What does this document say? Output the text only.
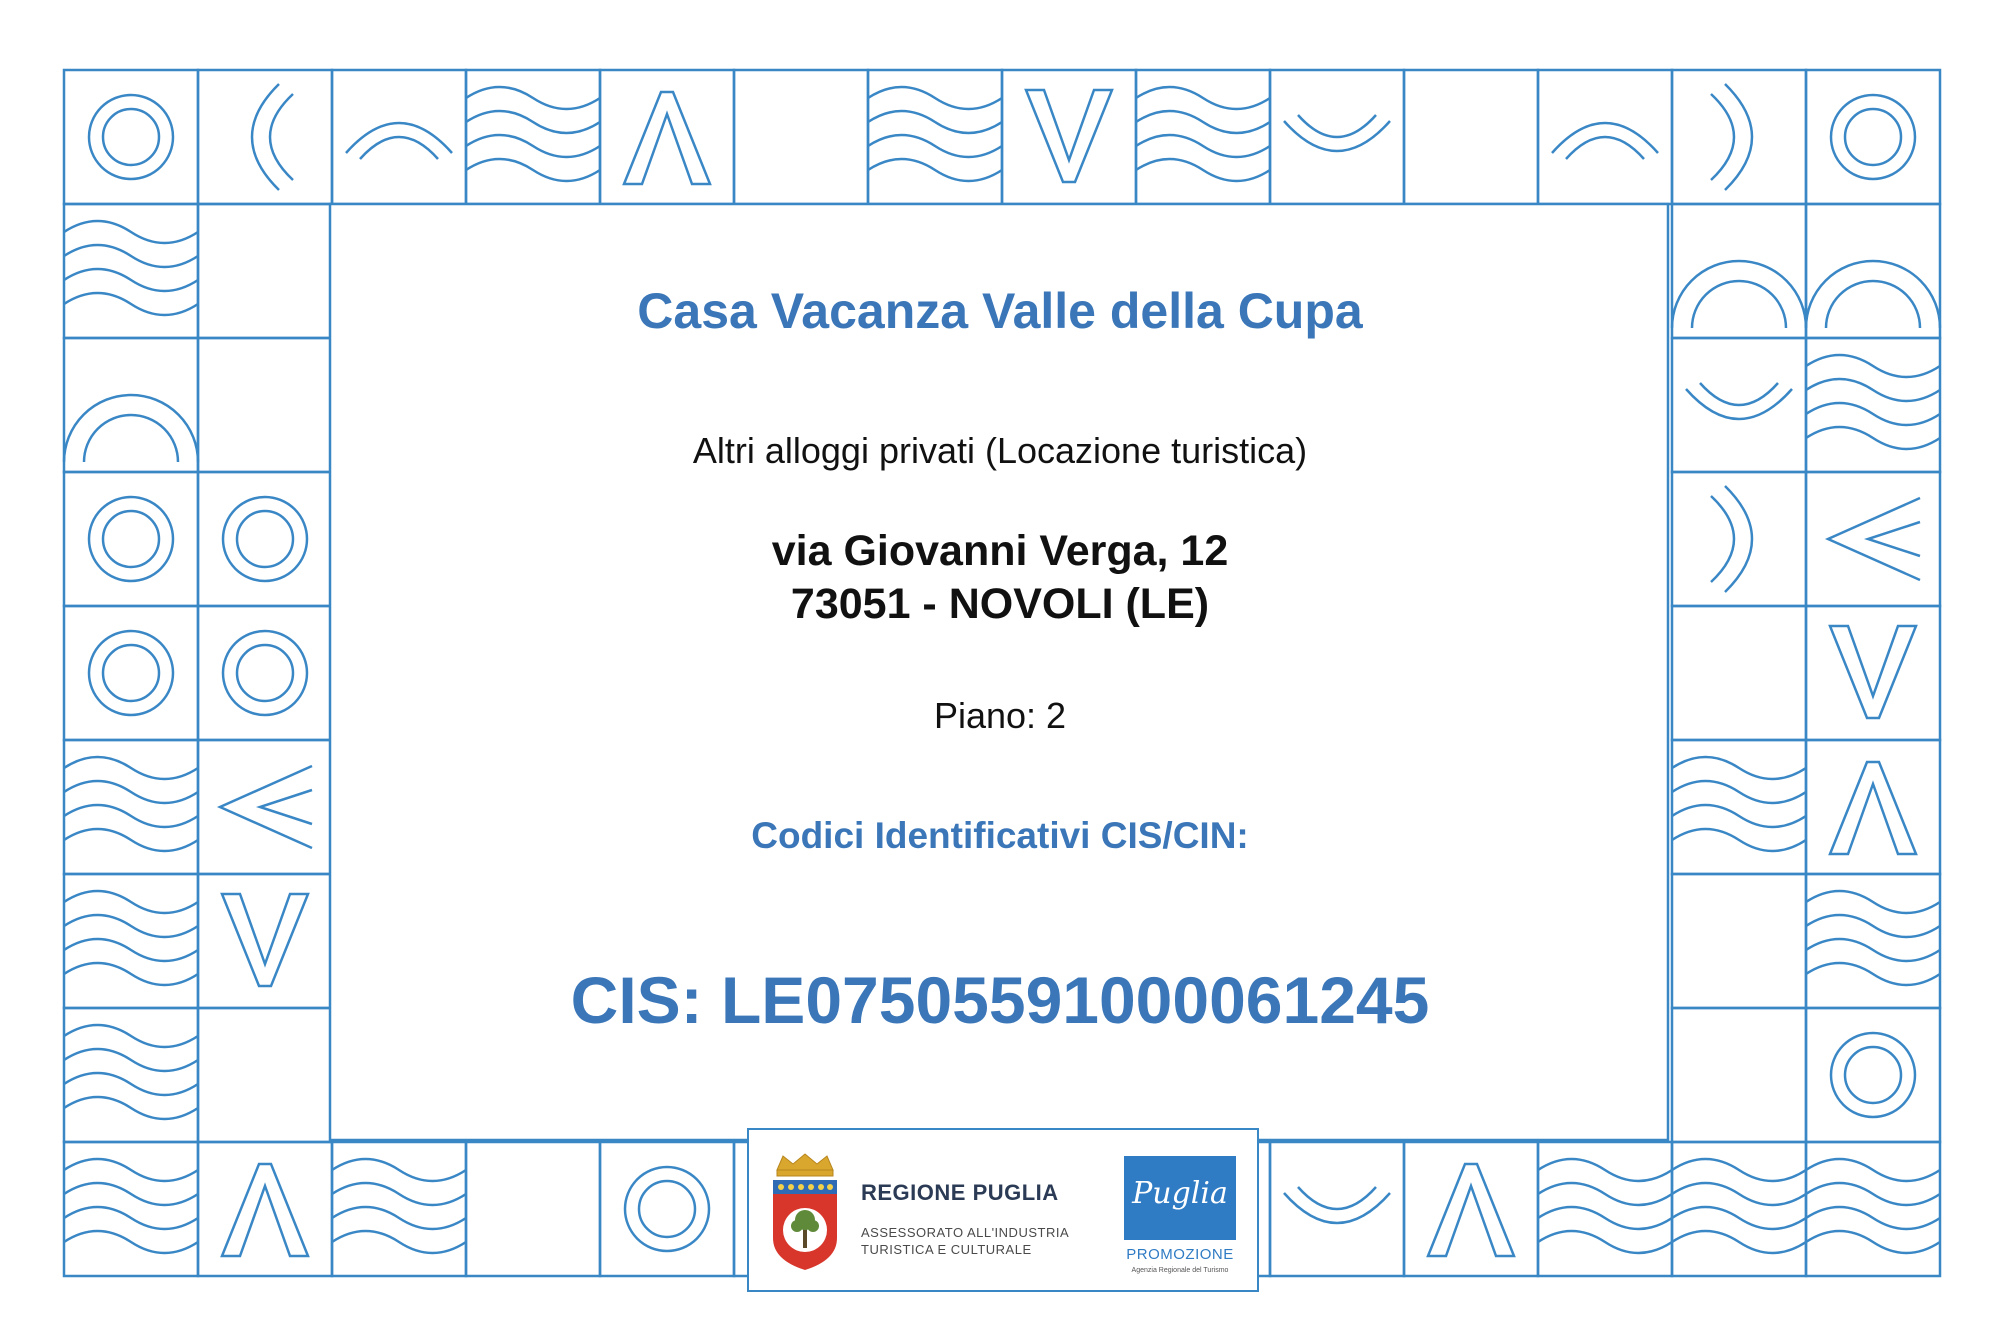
Casa Vacanza Valle della Cupa
Altri alloggi privati (Locazione turistica)
via Giovanni Verga, 12
73051 - NOVOLI (LE)
Piano: 2
Codici Identificativi CIS/CIN:
CIS: LE07505591000061245
REGIONE PUGLIA
ASSESSORATO ALL'INDUSTRIA
TURISTICA E CULTURALE
Puglia
PROMOZIONE
Agenzia Regionale del Turismo
